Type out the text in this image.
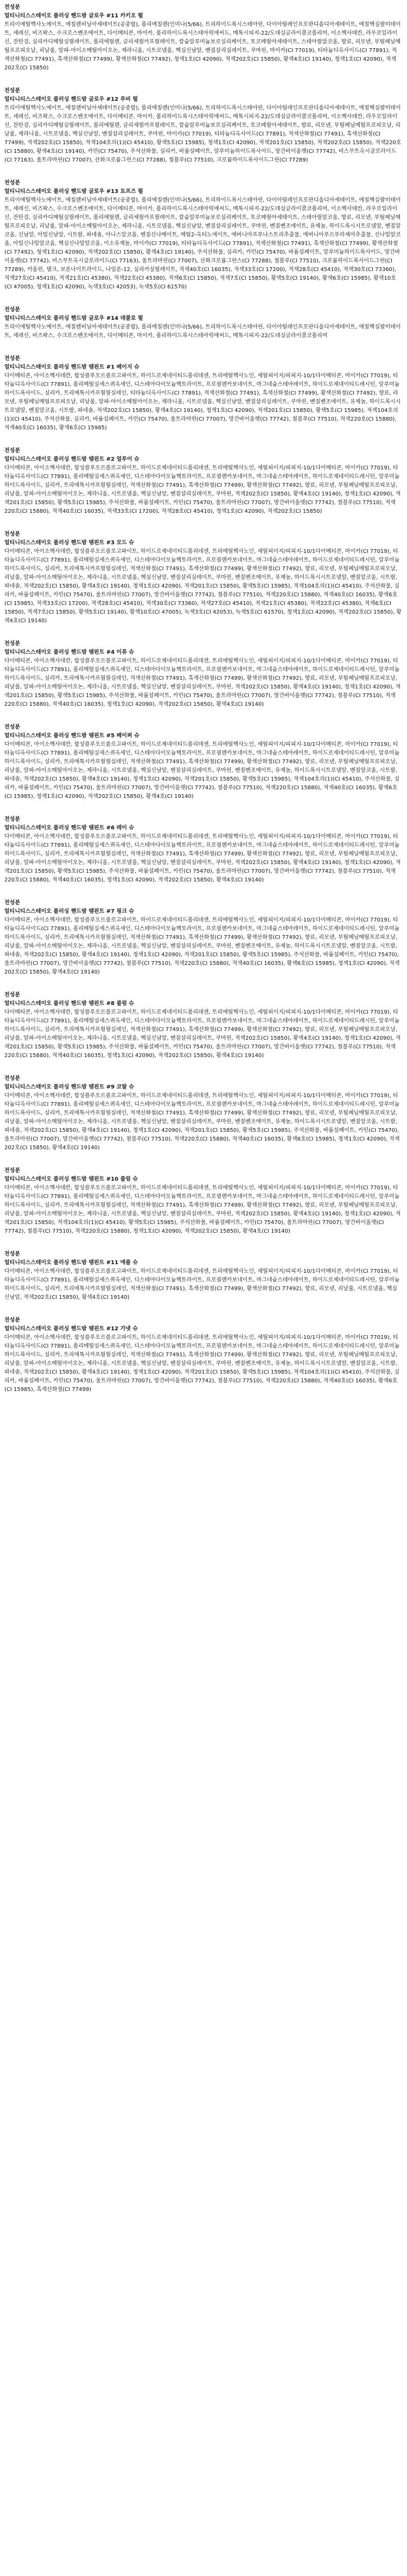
전성분
얼티니티스스테이오 플러싱 핸드밤 글로우 #11 카키오 펄
트리이에틸핵사노에이트, 에칠렌비닐아세테이트(공중합), 폴리에칠렌(인미나(5/66), 트리하이드록시스테아린, 다이아틸레인프로판디올디아세테이트, 에칠헥실팔미테이트, 세레신, 비즈왁스, 수크로스벤조에이트, 다이메티콘, 마이카, 폴리하이드록시스테아릭애씨드, 메톡시피지-22/도데실글라이콜코폴리머, 이소헥사데칸, 라우로일라이신, 잔탄검, 실리카디메틸실릴레이트, 폴리에틸렌, 글리세릴카프릴레이트, 칼슘알루미늄보로실리케이트, 토코페릴아세테이트, 스테아릴알코올, 향료, 리모넨, 부틸페닐메틸프로피오날, 리날룰, 알파-아이소메틸아이오논, 제라니올, 시트로넬올, 헥실신남알, 벤질살리실레이트, 쿠마린, 마이카(CI 77019), 티타늄디옥사이드(CI 77891), 적색산화철(CI 77491), 흑색산화철(CI 77499), 황색산화철(CI 77492), 청색1호(CI 42090), 적색202호(CI 15850), 황색4호(CI 19140), 청색1호(CI 42090), 적색202호(CI 15850)
전성분
얼티니티스스테이오 플러싱 핸드밤 글로우 #12 루비 펄
트리이에틸핵사노에이트, 에칠렌비닐아세테이트(공중합), 폴리에칠렌(인미나(5/66), 트리하이드록시스테아린, 다이아틸레인프로판디올디아세테이트, 에칠헥실팔미테이트, 세레신, 비즈왁스, 수크로스벤조에이트, 다이메티콘, 마이카, 폴리하이드록시스테아릭애씨드, 메톡시피지-22/도데실글라이콜코폴리머, 이소헥사데칸, 라우로일라이신, 잔탄검, 실리카디메틸실릴레이트, 폴리에틸렌, 글리세릴카프릴레이트, 칼슘알루미늄보로실리케이트, 토코페릴아세테이트, 향료, 리모넨, 부틸페닐메틸프로피오날, 리날룰, 제라니올, 시트로넬올, 헥실신남알, 벤질살리실레이트, 쿠마린, 마이카(CI 77019), 티타늄디옥사이드(CI 77891), 적색산화철(CI 77491), 흑색산화철(CI 77499), 적색202호(CI 15850), 적색104호의(1)(CI 45410), 황색5호(CI 15985), 청색1호(CI 42090), 적색201호(CI 15850), 적색202호(CI 15850), 적색220호(CI 15880), 황색4호(CI 19140), 카민(CI 75470), 주석산화물, 실리카, 바륨설페이트, 알루미늄하이드록사이드, 망간바이올렛(CI 77742), 비스무트옥시클로라이드(CI 77163), 울트라마린(CI 77007), 산화크로뮴그린스(CI 77288), 철블루(CI 77510), 크로뮴하이드록사이드그린(CI 77289)
전성분
얼티니티스스테이오 플러싱 핸드밤 글로우 #13 토프즈 펄
트리이에틸핵사노에이트, 에칠렌비닐아세테이트(공중합), 폴리에칠렌(인미나(5/66), 트리하이드록시스테아린, 다이아틸레인프로판디올디아세테이트, 에칠헥실팔미테이트, 세레신, 비즈왁스, 수크로스벤조에이트, 다이메티콘, 마이카, 폴리하이드록시스테아릭애씨드, 메톡시피지-22/도데실글라이콜코폴리머, 이소헥사데칸, 라우로일라이신, 잔탄검, 실리카디메틸실릴레이트, 폴리에틸렌, 글리세릴카프릴레이트, 칼슘알루미늄보로실리케이트, 토코페릴아세테이트, 스테아릴알코올, 향료, 리모넨, 부틸페닐메틸프로피오날, 리날룰, 알파-아이소메틸아이오논, 제라니올, 시트로넬올, 헥실신남알, 벤질살리실레이트, 쿠마린, 벤질벤조에이트, 유제놀, 하이드록시시트로넬알, 벤질알코올, 신남알, 아밀신남알, 시트랄, 파네솔, 아니스알코올, 벤질신나메이트, 메틸2-옥티노에이트, 에버니아프루나스트리추출물, 에버니아푸르푸라세아추출물, 신나밀알코올, 아밀신나밀알코올, 헥실신나밀알코올, 이소유제놀, 마이카(CI 77019), 티타늄디옥사이드(CI 77891), 적색산화철(CI 77491), 흑색산화철(CI 77499), 황색산화철(CI 77492), 청색1호(CI 42090), 적색202호(CI 15850), 황색4호(CI 19140), 주석산화물, 실리카, 카민(CI 75470), 바륨설페이트, 알루미늄하이드록사이드, 망간바이올렛(CI 77742), 비스무트옥시클로라이드(CI 77163), 울트라마린(CI 77007), 산화크로뮴그린스(CI 77288), 철블루(CI 77510), 크로뮴하이드록사이드그린(CI 77289), 카올린, 탤크, 보론나이트라이드, 나일론-12, 실리카실릴레이트, 적색40호(CI 16035), 적색33호(CI 17200), 적색28호(CI 45410), 적색30호(CI 73360), 적색27호(CI 45410), 적색21호(CI 45380), 적색22호(CI 45380), 적색6호(CI 15850), 적색7호(CI 15850), 황색5호(CI 19140), 황색6호(CI 15985), 황색10호(CI 47005), 청색1호(CI 42090), 녹색3호(CI 42053), 녹색5호(CI 61570)
전성분
얼티니티스스테이오 플러싱 핸드밤 글로우 #14 데콜로 펄
트리이에틸핵사노에이트, 에칠렌비닐아세테이트(공중합), 폴리에칠렌(인미나(5/66), 트리하이드록시스테아린, 다이아틸레인프로판디올디아세테이트, 에칠헥실팔미테이트, 세레신, 비즈왁스, 수크로스벤조에이트, 다이메티콘, 마이카, 폴리하이드록시스테아릭애씨드, 메톡시피지-22/도데실글라이콜코폴리머
전성분
얼티니티스스테이오 플러싱 핸드밤 템핀트 #1 베이지 슈
다이메티콘, 아이소헥사데칸, 합성플루오르플로고파이트, 하이드로제네이티드폴리데센, 트리에틸헥사노인, 세틸피이지/피피지-10/1다이메티콘, 마이카(CI 77019), 티타늄디옥사이드(CI 77891), 폴리메틸실세스퀴옥세인, 디스테아다이모늄헥토라이트, 프로필렌카보네이트, 마그네슘스테아레이트, 하이드로제네이티드레시틴, 알루미늄하이드록사이드, 실리카, 트리에톡시카프릴릴실레인, 티타늄디옥사이드(CI 77891), 적색산화철(CI 77491), 흑색산화철(CI 77499), 황색산화철(CI 77492), 향료, 리모넨, 부틸페닐메틸프로피오날, 리날룰, 알파-아이소메틸아이오논, 제라니올, 시트로넬올, 헥실신남알, 벤질살리실레이트, 쿠마린, 벤질벤조에이트, 유제놀, 하이드록시시트로넬알, 벤질알코올, 시트랄, 파네솔, 적색202호(CI 15850), 황색4호(CI 19140), 청색1호(CI 42090), 적색201호(CI 15850), 황색5호(CI 15985), 적색104호의(1)(CI 45410), 주석산화물, 실리카, 바륨설페이트, 카민(CI 75470), 울트라마린(CI 77007), 망간바이올렛(CI 77742), 철블루(CI 77510), 적색220호(CI 15880), 적색40호(CI 16035), 황색6호(CI 15985)
전성분
얼티니티스스테이오 플러싱 핸드밤 템핀트 #2 얼루어 슈
다이메티콘, 아이소헥사데칸, 합성플루오르플로고파이트, 하이드로제네이티드폴리데센, 트리에틸헥사노인, 세틸피이지/피피지-10/1다이메티콘, 마이카(CI 77019), 티타늄디옥사이드(CI 77891), 폴리메틸실세스퀴옥세인, 디스테아다이모늄헥토라이트, 프로필렌카보네이트, 마그네슘스테아레이트, 하이드로제네이티드레시틴, 알루미늄하이드록사이드, 실리카, 트리에톡시카프릴릴실레인, 적색산화철(CI 77491), 흑색산화철(CI 77499), 황색산화철(CI 77492), 향료, 리모넨, 부틸페닐메틸프로피오날, 리날룰, 알파-아이소메틸아이오논, 제라니올, 시트로넬올, 헥실신남알, 벤질살리실레이트, 쿠마린, 적색202호(CI 15850), 황색4호(CI 19140), 청색1호(CI 42090), 적색201호(CI 15850), 황색5호(CI 15985), 주석산화물, 바륨설페이트, 카민(CI 75470), 울트라마린(CI 77007), 망간바이올렛(CI 77742), 철블루(CI 77510), 적색220호(CI 15880), 적색40호(CI 16035), 적색33호(CI 17200), 적색28호(CI 45410), 청색1호(CI 42090), 적색202호(CI 15850)
전성분
얼티니티스스테이오 플러싱 핸드밤 템핀트 #3 모드 슈
다이메티콘, 아이소헥사데칸, 합성플루오르플로고파이트, 하이드로제네이티드폴리데센, 트리에틸헥사노인, 세틸피이지/피피지-10/1다이메티콘, 마이카(CI 77019), 티타늄디옥사이드(CI 77891), 폴리메틸실세스퀴옥세인, 디스테아다이모늄헥토라이트, 프로필렌카보네이트, 마그네슘스테아레이트, 하이드로제네이티드레시틴, 알루미늄하이드록사이드, 실리카, 트리에톡시카프릴릴실레인, 적색산화철(CI 77491), 흑색산화철(CI 77499), 황색산화철(CI 77492), 향료, 리모넨, 부틸페닐메틸프로피오날, 리날룰, 알파-아이소메틸아이오논, 제라니올, 시트로넬올, 헥실신남알, 벤질살리실레이트, 쿠마린, 벤질벤조에이트, 유제놀, 하이드록시시트로넬알, 벤질알코올, 시트랄, 파네솔, 적색202호(CI 15850), 황색4호(CI 19140), 청색1호(CI 42090), 적색201호(CI 15850), 황색5호(CI 15985), 적색104호의(1)(CI 45410), 주석산화물, 실리카, 바륨설페이트, 카민(CI 75470), 울트라마린(CI 77007), 망간바이올렛(CI 77742), 철블루(CI 77510), 적색220호(CI 15880), 적색40호(CI 16035), 황색6호(CI 15985), 적색33호(CI 17200), 적색28호(CI 45410), 적색30호(CI 73360), 적색27호(CI 45410), 적색21호(CI 45380), 적색22호(CI 45380), 적색6호(CI 15850), 적색7호(CI 15850), 황색5호(CI 19140), 황색10호(CI 47005), 녹색3호(CI 42053), 녹색5호(CI 61570), 청색1호(CI 42090), 적색202호(CI 15850), 황색4호(CI 19140)
전성분
얼티니티스스테이오 플러싱 핸드밤 템핀트 #4 이퓨 슈
다이메티콘, 아이소헥사데칸, 합성플루오르플로고파이트, 하이드로제네이티드폴리데센, 트리에틸헥사노인, 세틸피이지/피피지-10/1다이메티콘, 마이카(CI 77019), 티타늄디옥사이드(CI 77891), 폴리메틸실세스퀴옥세인, 디스테아다이모늄헥토라이트, 프로필렌카보네이트, 마그네슘스테아레이트, 하이드로제네이티드레시틴, 알루미늄하이드록사이드, 실리카, 트리에톡시카프릴릴실레인, 적색산화철(CI 77491), 흑색산화철(CI 77499), 황색산화철(CI 77492), 향료, 리모넨, 부틸페닐메틸프로피오날, 리날룰, 알파-아이소메틸아이오논, 제라니올, 시트로넬올, 헥실신남알, 벤질살리실레이트, 쿠마린, 적색202호(CI 15850), 황색4호(CI 19140), 청색1호(CI 42090), 적색201호(CI 15850), 황색5호(CI 15985), 주석산화물, 바륨설페이트, 카민(CI 75470), 울트라마린(CI 77007), 망간바이올렛(CI 77742), 철블루(CI 77510), 적색220호(CI 15880), 적색40호(CI 16035), 청색1호(CI 42090), 적색202호(CI 15850), 황색4호(CI 19140)
전성분
얼티니티스스테이오 플러싱 핸드밤 템핀트 #5 페이퍼 슈
다이메티콘, 아이소헥사데칸, 합성플루오르플로고파이트, 하이드로제네이티드폴리데센, 트리에틸헥사노인, 세틸피이지/피피지-10/1다이메티콘, 마이카(CI 77019), 티타늄디옥사이드(CI 77891), 폴리메틸실세스퀴옥세인, 디스테아다이모늄헥토라이트, 프로필렌카보네이트, 마그네슘스테아레이트, 하이드로제네이티드레시틴, 알루미늄하이드록사이드, 실리카, 트리에톡시카프릴릴실레인, 적색산화철(CI 77491), 흑색산화철(CI 77499), 황색산화철(CI 77492), 향료, 리모넨, 부틸페닐메틸프로피오날, 리날룰, 알파-아이소메틸아이오논, 제라니올, 시트로넬올, 헥실신남알, 벤질살리실레이트, 쿠마린, 벤질벤조에이트, 유제놀, 하이드록시시트로넬알, 벤질알코올, 시트랄, 파네솔, 적색202호(CI 15850), 황색4호(CI 19140), 청색1호(CI 42090), 적색201호(CI 15850), 황색5호(CI 15985), 적색104호의(1)(CI 45410), 주석산화물, 실리카, 바륨설페이트, 카민(CI 75470), 울트라마린(CI 77007), 망간바이올렛(CI 77742), 철블루(CI 77510), 적색220호(CI 15880), 적색40호(CI 16035), 황색6호(CI 15985), 청색1호(CI 42090), 적색202호(CI 15850), 황색4호(CI 19140)
전성분
얼티니티스스테이오 플러싱 핸드밤 템핀트 #6 레이 슈
다이메티콘, 아이소헥사데칸, 합성플루오르플로고파이트, 하이드로제네이티드폴리데센, 트리에틸헥사노인, 세틸피이지/피피지-10/1다이메티콘, 마이카(CI 77019), 티타늄디옥사이드(CI 77891), 폴리메틸실세스퀴옥세인, 디스테아다이모늄헥토라이트, 프로필렌카보네이트, 마그네슘스테아레이트, 하이드로제네이티드레시틴, 알루미늄하이드록사이드, 실리카, 트리에톡시카프릴릴실레인, 적색산화철(CI 77491), 흑색산화철(CI 77499), 황색산화철(CI 77492), 향료, 리모넨, 부틸페닐메틸프로피오날, 리날룰, 알파-아이소메틸아이오논, 제라니올, 시트로넬올, 헥실신남알, 벤질살리실레이트, 쿠마린, 적색202호(CI 15850), 황색4호(CI 19140), 청색1호(CI 42090), 적색201호(CI 15850), 황색5호(CI 15985), 주석산화물, 바륨설페이트, 카민(CI 75470), 울트라마린(CI 77007), 망간바이올렛(CI 77742), 철블루(CI 77510), 적색220호(CI 15880), 적색40호(CI 16035), 청색1호(CI 42090), 적색202호(CI 15850), 황색4호(CI 19140)
전성분
얼티니티스스테이오 플러싱 핸드밤 템핀트 #7 핑크 슈
다이메티콘, 아이소헥사데칸, 합성플루오르플로고파이트, 하이드로제네이티드폴리데센, 트리에틸헥사노인, 세틸피이지/피피지-10/1다이메티콘, 마이카(CI 77019), 티타늄디옥사이드(CI 77891), 폴리메틸실세스퀴옥세인, 디스테아다이모늄헥토라이트, 프로필렌카보네이트, 마그네슘스테아레이트, 하이드로제네이티드레시틴, 알루미늄하이드록사이드, 실리카, 트리에톡시카프릴릴실레인, 적색산화철(CI 77491), 흑색산화철(CI 77499), 황색산화철(CI 77492), 향료, 리모넨, 부틸페닐메틸프로피오날, 리날룰, 알파-아이소메틸아이오논, 제라니올, 시트로넬올, 헥실신남알, 벤질살리실레이트, 쿠마린, 벤질벤조에이트, 유제놀, 하이드록시시트로넬알, 벤질알코올, 시트랄, 파네솔, 적색202호(CI 15850), 황색4호(CI 19140), 청색1호(CI 42090), 적색201호(CI 15850), 황색5호(CI 15985), 주석산화물, 바륨설페이트, 카민(CI 75470), 울트라마린(CI 77007), 망간바이올렛(CI 77742), 철블루(CI 77510), 적색220호(CI 15880), 적색40호(CI 16035), 황색6호(CI 15985), 청색1호(CI 42090), 적색202호(CI 15850), 황색4호(CI 19140)
전성분
얼티니티스스테이오 플러싱 핸드밤 템핀트 #8 플럼 슈
다이메티콘, 아이소헥사데칸, 합성플루오르플로고파이트, 하이드로제네이티드폴리데센, 트리에틸헥사노인, 세틸피이지/피피지-10/1다이메티콘, 마이카(CI 77019), 티타늄디옥사이드(CI 77891), 폴리메틸실세스퀴옥세인, 디스테아다이모늄헥토라이트, 프로필렌카보네이트, 마그네슘스테아레이트, 하이드로제네이티드레시틴, 알루미늄하이드록사이드, 실리카, 트리에톡시카프릴릴실레인, 적색산화철(CI 77491), 흑색산화철(CI 77499), 황색산화철(CI 77492), 향료, 리모넨, 부틸페닐메틸프로피오날, 리날룰, 알파-아이소메틸아이오논, 제라니올, 시트로넬올, 헥실신남알, 벤질살리실레이트, 쿠마린, 적색202호(CI 15850), 황색4호(CI 19140), 청색1호(CI 42090), 적색201호(CI 15850), 황색5호(CI 15985), 주석산화물, 바륨설페이트, 카민(CI 75470), 울트라마린(CI 77007), 망간바이올렛(CI 77742), 철블루(CI 77510), 적색220호(CI 15880), 적색40호(CI 16035), 청색1호(CI 42090), 적색202호(CI 15850), 황색4호(CI 19140)
전성분
얼티니티스스테이오 플러싱 핸드밤 템핀트 #9 코랄 슈
다이메티콘, 아이소헥사데칸, 합성플루오르플로고파이트, 하이드로제네이티드폴리데센, 트리에틸헥사노인, 세틸피이지/피피지-10/1다이메티콘, 마이카(CI 77019), 티타늄디옥사이드(CI 77891), 폴리메틸실세스퀴옥세인, 디스테아다이모늄헥토라이트, 프로필렌카보네이트, 마그네슘스테아레이트, 하이드로제네이티드레시틴, 알루미늄하이드록사이드, 실리카, 트리에톡시카프릴릴실레인, 적색산화철(CI 77491), 흑색산화철(CI 77499), 황색산화철(CI 77492), 향료, 리모넨, 부틸페닐메틸프로피오날, 리날룰, 알파-아이소메틸아이오논, 제라니올, 시트로넬올, 헥실신남알, 벤질살리실레이트, 쿠마린, 벤질벤조에이트, 유제놀, 하이드록시시트로넬알, 벤질알코올, 시트랄, 파네솔, 적색202호(CI 15850), 황색4호(CI 19140), 청색1호(CI 42090), 적색201호(CI 15850), 황색5호(CI 15985), 주석산화물, 바륨설페이트, 카민(CI 75470), 울트라마린(CI 77007), 망간바이올렛(CI 77742), 철블루(CI 77510), 적색220호(CI 15880), 적색40호(CI 16035), 황색6호(CI 15985), 청색1호(CI 42090), 적색202호(CI 15850), 황색4호(CI 19140)
전성분
얼티니티스스테이오 플러싱 핸드밤 템핀트 #10 플럼 슈
다이메티콘, 아이소헥사데칸, 합성플루오르플로고파이트, 하이드로제네이티드폴리데센, 트리에틸헥사노인, 세틸피이지/피피지-10/1다이메티콘, 마이카(CI 77019), 티타늄디옥사이드(CI 77891), 폴리메틸실세스퀴옥세인, 디스테아다이모늄헥토라이트, 프로필렌카보네이트, 마그네슘스테아레이트, 하이드로제네이티드레시틴, 알루미늄하이드록사이드, 실리카, 트리에톡시카프릴릴실레인, 적색산화철(CI 77491), 흑색산화철(CI 77499), 황색산화철(CI 77492), 향료, 리모넨, 부틸페닐메틸프로피오날, 리날룰, 알파-아이소메틸아이오논, 제라니올, 시트로넬올, 헥실신남알, 벤질살리실레이트, 쿠마린, 적색202호(CI 15850), 황색4호(CI 19140), 청색1호(CI 42090), 적색201호(CI 15850), 적색104호의(1)(CI 45410), 황색5호(CI 15985), 주석산화물, 바륨설페이트, 카민(CI 75470), 울트라마린(CI 77007), 망간바이올렛(CI 77742), 철블루(CI 77510), 적색220호(CI 15880), 청색1호(CI 42090), 적색202호(CI 15850), 황색4호(CI 19140)
전성분
얼티니티스스테이오 플러싱 핸드밤 템핀트 #11 애플 슈
다이메티콘, 아이소헥사데칸, 합성플루오르플로고파이트, 하이드로제네이티드폴리데센, 트리에틸헥사노인, 세틸피이지/피피지-10/1다이메티콘, 마이카(CI 77019), 티타늄디옥사이드(CI 77891), 폴리메틸실세스퀴옥세인, 디스테아다이모늄헥토라이트, 프로필렌카보네이트, 마그네슘스테아레이트, 하이드로제네이티드레시틴, 알루미늄하이드록사이드, 실리카, 트리에톡시카프릴릴실레인, 적색산화철(CI 77491), 흑색산화철(CI 77499), 황색산화철(CI 77492), 향료, 리모넨, 리날룰, 시트로넬올, 헥실신남알, 적색202호(CI 15850), 황색4호(CI 19140)
전성분
얼티니티스스테이오 플러싱 핸드밤 템핀트 #12 가넷 슈
다이메티콘, 아이소헥사데칸, 합성플루오르플로고파이트, 하이드로제네이티드폴리데센, 트리에틸헥사노인, 세틸피이지/피피지-10/1다이메티콘, 마이카(CI 77019), 티타늄디옥사이드(CI 77891), 폴리메틸실세스퀴옥세인, 디스테아다이모늄헥토라이트, 프로필렌카보네이트, 마그네슘스테아레이트, 하이드로제네이티드레시틴, 알루미늄하이드록사이드, 실리카, 트리에톡시카프릴릴실레인, 적색산화철(CI 77491), 흑색산화철(CI 77499), 황색산화철(CI 77492), 향료, 리모넨, 부틸페닐메틸프로피오날, 리날룰, 알파-아이소메틸아이오논, 제라니올, 시트로넬올, 헥실신남알, 벤질살리실레이트, 쿠마린, 벤질벤조에이트, 유제놀, 하이드록시시트로넬알, 벤질알코올, 시트랄, 파네솔, 적색202호(CI 15850), 황색4호(CI 19140), 청색1호(CI 42090), 적색201호(CI 15850), 황색5호(CI 15985), 적색104호의(1)(CI 45410), 주석산화물, 실리카, 바륨설페이트, 카민(CI 75470), 울트라마린(CI 77007), 망간바이올렛(CI 77742), 철블루(CI 77510), 적색220호(CI 15880), 적색40호(CI 16035), 황색6호(CI 15985), 흑색산화철(CI 77499)
